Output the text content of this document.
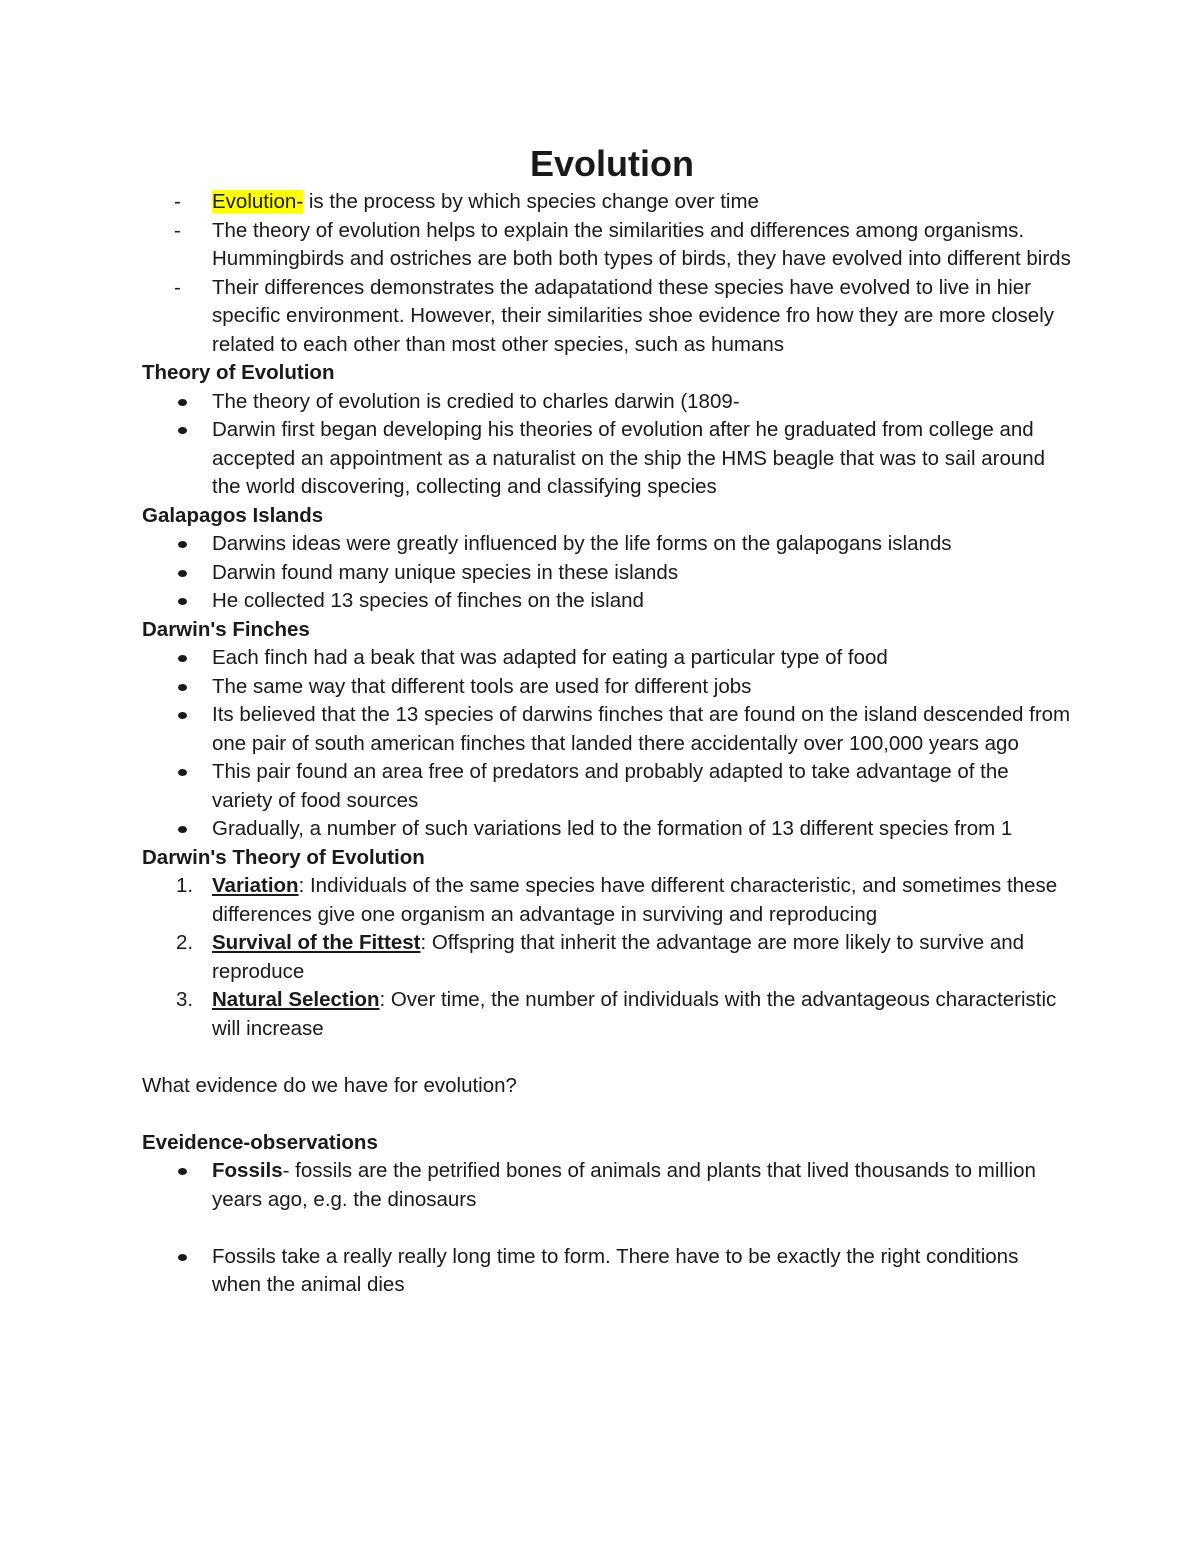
Evolution
- Evolution- is the process by which species change over time
- The theory of evolution helps to explain the similarities and differences among organisms. Hummingbirds and ostriches are both both types of birds, they have evolved into different birds
- Their differences demonstrates the adapatationd these species have evolved to live in hier specific environment. However, their similarities shoe evidence fro how they are more closely related to each other than most other species, such as humans

Theory of Evolution

The theory of evolution is credied to charles darwin (1809-
Darwin first began developing his theories of evolution after he graduated from college and accepted an appointment as a naturalist on the ship the HMS beagle that was to sail around the world discovering, collecting and classifying species

Galapagos Islands

Darwins ideas were greatly influenced by the life forms on the galapogans islands
Darwin found many unique species in these islands
He collected 13 species of finches on the island

Darwin's Finches

Each finch had a beak that was adapted for eating a particular type of food
The same way that different tools are used for different jobs
Its believed that the 13 species of darwins finches that are found on the island descended from one pair of south american finches that landed there accidentally over 100,000 years ago
This pair found an area free of predators and probably adapted to take advantage of the variety of food sources
Gradually, a number of such variations led to the formation of 13 different species from 1

Darwin's Theory of Evolution

1. Variation: Individuals of the same species have different characteristic, and sometimes these differences give one organism an advantage in surviving and reproducing
2. Survival of the Fittest: Offspring that inherit the advantage are more likely to survive and reproduce
3. Natural Selection: Over time, the number of individuals with the advantageous characteristic will increase

What evidence do we have for evolution?

Eveidence-observations

Fossils- fossils are the petrified bones of animals and plants that lived thousands to million years ago, e.g. the dinosaurs
Fossils take a really really long time to form. There have to be exactly the right conditions when the animal dies
